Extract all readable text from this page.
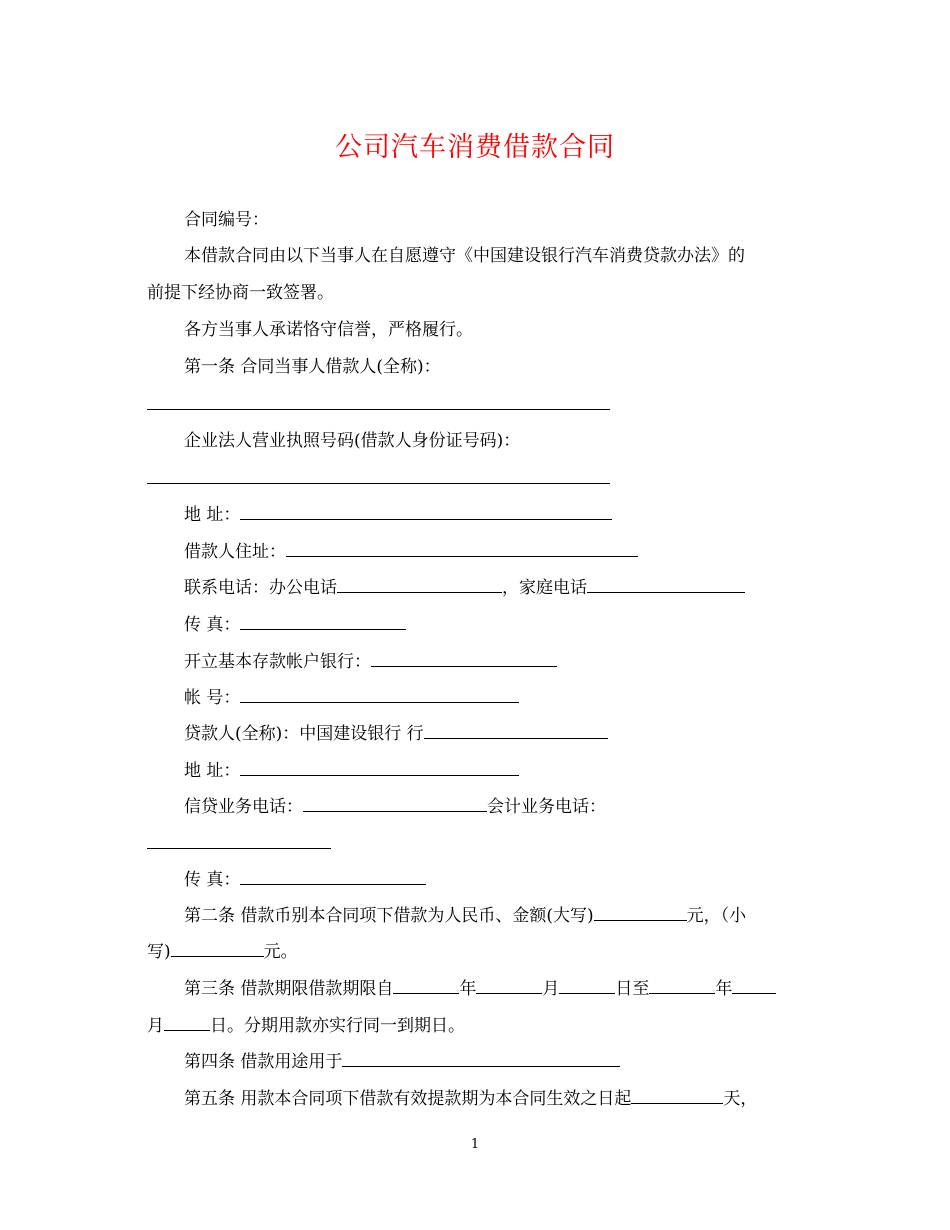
公司汽车消费借款合同
合同编号：
本借款合同由以下当事人在自愿遵守《中国建设银行汽车消费贷款办法》的
前提下经协商一致签署。
各方当事人承诺恪守信誉，严格履行。
第一条 合同当事人借款人(全称)：
企业法人营业执照号码(借款人身份证号码)：
地 址：
借款人住址：
联系电话：办公电话	，家庭电话
传 真：
开立基本存款帐户银行：
帐 号：
贷款人(全称)：中国建设银行 行
地 址：
信贷业务电话：	会计业务电话：
传 真：
第二条 借款币别本合同项下借款为人民币、金额(大写)	元，（小
写)	元。
第三条 借款期限借款期限自	年	月	日至	年
月	日。分期用款亦实行同一到期日。
第四条 借款用途用于
第五条 用款本合同项下借款有效提款期为本合同生效之日起	天，
1
